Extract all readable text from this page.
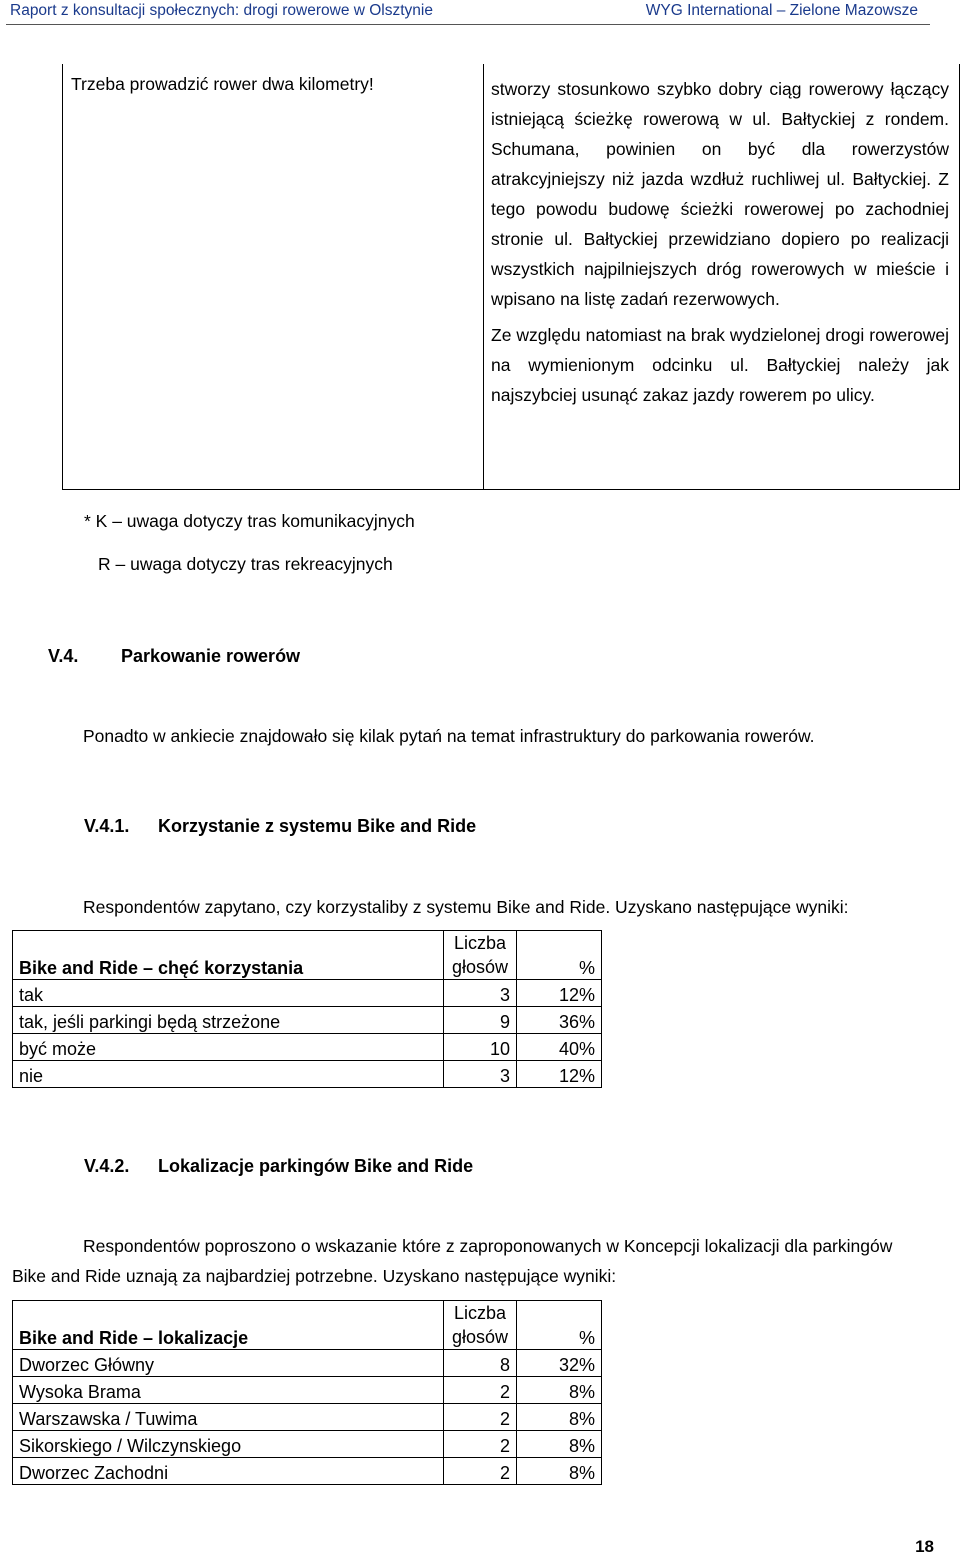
Raport z konsultacji społecznych: drogi rowerowe w Olsztynie	WYG International – Zielone Mazowsze
Trzeba prowadzić rower dwa kilometry!	stworzy stosunkowo szybko dobry ciąg rowerowy łączący istniejącą ścieżkę rowerową w ul. Bałtyckiej z rondem. Schumana, powinien on być dla rowerzystów atrakcyjniejszy niż jazda wzdłuż ruchliwej ul. Bałtyckiej. Z tego powodu budowę ścieżki rowerowej po zachodniej stronie ul. Bałtyckiej przewidziano dopiero po realizacji wszystkich najpilniejszych dróg rowerowych w mieście i wpisano na listę zadań rezerwowych.

Ze względu natomiast na brak wydzielonej drogi rowerowej na wymienionym odcinku ul. Bałtyckiej należy jak najszybciej usunąć zakaz jazdy rowerem po ulicy.

* K – uwaga dotyczy tras komunikacyjnych
R – uwaga dotyczy tras rekreacyjnych
V.4. Parkowanie rowerów
Ponadto w ankiecie znajdowało się kilak pytań na temat infrastruktury do parkowania rowerów.
V.4.1. Korzystanie z systemu Bike and Ride
Respondentów zapytano, czy korzystaliby z systemu Bike and Ride. Uzyskano następujące wyniki:
Bike and Ride – chęć korzystania	Liczba głosów	%
tak	3	12%
tak, jeśli parkingi będą strzeżone	9	36%
być może	10	40%
nie	3	12%
V.4.2. Lokalizacje parkingów Bike and Ride
Respondentów poproszono o wskazanie które z zaproponowanych w Koncepcji lokalizacji dla parkingów
Bike and Ride uznają za najbardziej potrzebne. Uzyskano następujące wyniki:
Bike and Ride – lokalizacje	Liczba głosów	%
Dworzec Główny	8	32%
Wysoka Brama	2	8%
Warszawska / Tuwima	2	8%
Sikorskiego / Wilczynskiego	2	8%
Dworzec Zachodni	2	8%
18
